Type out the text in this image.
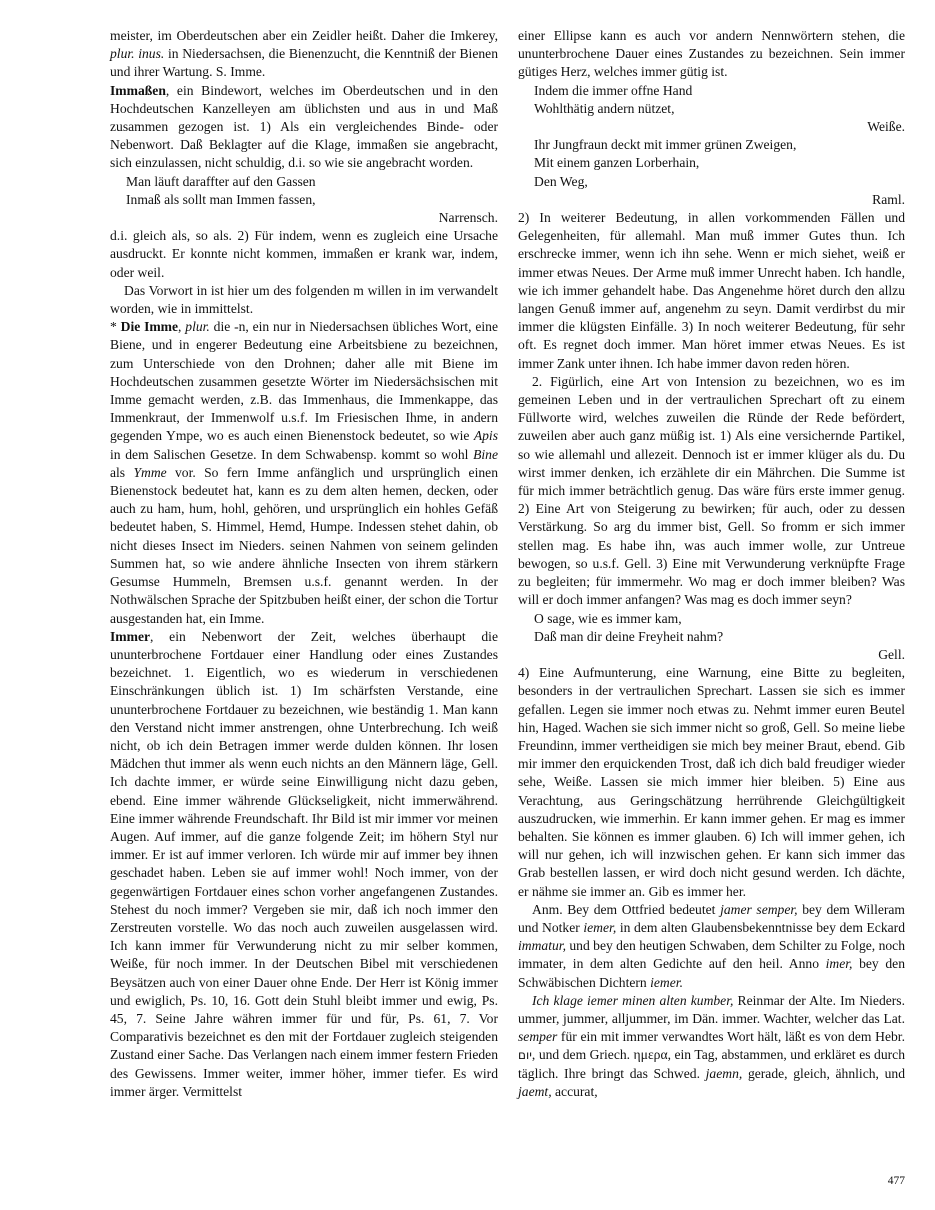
meister, im Oberdeutschen aber ein Zeidler heißt. Daher die Imkerey, plur. inus. in Niedersachsen, die Bienenzucht, die Kenntniß der Bienen und ihrer Wartung. S. Imme.
Immaßen, ein Bindewort, welches im Oberdeutschen und in den Hochdeutschen Kanzelleyen am üblichsten und aus in und Maß zusammen gezogen ist. 1) Als ein vergleichendes Binde- oder Nebenwort. Daß Beklagter auf die Klage, immaßen sie angebracht, sich einzulassen, nicht schuldig, d.i. so wie sie angebracht worden.
Man läuft daraffter auf den Gassen
Inmaß als sollt man Immen fassen,
Narrensch.
d.i. gleich als, so als. 2) Für indem, wenn es zugleich eine Ursache ausdruckt. Er konnte nicht kommen, immaßen er krank war, indem, oder weil.
Das Vorwort in ist hier um des folgenden m willen in im verwandelt worden, wie in immittelst.
* Die Imme, plur. die -n, ein nur in Niedersachsen übliches Wort, eine Biene, und in engerer Bedeutung eine Arbeitsbiene zu bezeichnen, zum Unterschiede von den Drohnen; daher alle mit Biene im Hochdeutschen zusammen gesetzte Wörter im Niedersächsischen mit Imme gemacht werden, z.B. das Immenhaus, die Immenkappe, das Immenkraut, der Immenwolf u.s.f. Im Friesischen Ihme, in andern gegenden Ympe, wo es auch einen Bienenstock bedeutet, so wie Apis in dem Salischen Gesetze. In dem Schwabensp. kommt so wohl Bine als Ymme vor. So fern Imme anfänglich und ursprünglich einen Bienenstock bedeutet hat, kann es zu dem alten hemen, decken, oder auch zu ham, hum, hohl, gehören, und ursprünglich ein hohles Gefäß bedeutet haben, S. Himmel, Hemd, Humpe. Indessen stehet dahin, ob nicht dieses Insect im Nieders. seinen Nahmen von seinem gelinden Summen hat, so wie andere ähnliche Insecten von ihrem stärkern Gesumse Hummeln, Bremsen u.s.f. genannt werden. In der Nothwälschen Sprache der Spitzbuben heißt einer, der schon die Tortur ausgestanden hat, ein Imme.
Immer, ein Nebenwort der Zeit, welches überhaupt die ununterbrochene Fortdauer einer Handlung oder eines Zustandes bezeichnet. 1. Eigentlich, wo es wiederum in verschiedenen Einschränkungen üblich ist. 1) Im schärfsten Verstande, eine ununterbrochene Fortdauer zu bezeichnen, wie beständig 1. Man kann den Verstand nicht immer anstrengen, ohne Unterbrechung. Ich weiß nicht, ob ich dein Betragen immer werde dulden können. Ihr losen Mädchen thut immer als wenn euch nichts an den Männern läge, Gell. Ich dachte immer, er würde seine Einwilligung nicht dazu geben, ebend. Eine immer währende Glückseligkeit, nicht immerwährend. Eine immer währende Freundschaft. Ihr Bild ist mir immer vor meinen Augen. Auf immer, auf die ganze folgende Zeit; im höhern Styl nur immer. Er ist auf immer verloren. Ich würde mir auf immer bey ihnen geschadet haben. Leben sie auf immer wohl! Noch immer, von der gegenwärtigen Fortdauer eines schon vorher angefangenen Zustandes. Stehest du noch immer? Vergeben sie mir, daß ich noch immer den Zerstreuten vorstelle. Wo das noch auch zuweilen ausgelassen wird. Ich kann immer für Verwunderung nicht zu mir selber kommen, Weiße, für noch immer. In der Deutschen Bibel mit verschiedenen Beysätzen auch von einer Dauer ohne Ende. Der Herr ist König immer und ewiglich, Ps. 10, 16. Gott dein Stuhl bleibt immer und ewig, Ps. 45, 7. Seine Jahre währen immer für und für, Ps. 61, 7. Vor Comparativis bezeichnet es den mit der Fortdauer zugleich steigenden Zustand einer Sache. Das Verlangen nach einem immer festern Frieden des Gewissens. Immer weiter, immer höher, immer tiefer. Es wird immer ärger. Vermittelst
einer Ellipse kann es auch vor andern Nennwörtern stehen, die ununterbrochene Dauer eines Zustandes zu bezeichnen. Sein immer gütiges Herz, welches immer gütig ist.
Indem die immer offne Hand
Wohlthätig andern nützet,
Weiße.
Ihr Jungfraun deckt mit immer grünen Zweigen,
Mit einem ganzen Lorberhain,
Den Weg,
Raml.
2) In weiterer Bedeutung, in allen vorkommenden Fällen und Gelegenheiten, für allemahl. Man muß immer Gutes thun. Ich erschrecke immer, wenn ich ihn sehe. Wenn er mich siehet, weiß er immer etwas Neues. Der Arme muß immer Unrecht haben. Ich handle, wie ich immer gehandelt habe. Das Angenehme höret durch den allzu langen Genuß immer auf, angenehm zu seyn. Damit verdirbst du mir immer die klügsten Einfälle. 3) In noch weiterer Bedeutung, für sehr oft. Es regnet doch immer. Man höret immer etwas Neues. Es ist immer Zank unter ihnen. Ich habe immer davon reden hören.
2. Figürlich, eine Art von Intension zu bezeichnen, wo es im gemeinen Leben und in der vertraulichen Sprechart oft zu einem Füllworte wird, welches zuweilen die Ründe der Rede befördert, zuweilen aber auch ganz müßig ist. 1) Als eine versichernde Partikel, so wie allemahl und allezeit. Dennoch ist er immer klüger als du. Du wirst immer denken, ich erzählete dir ein Mährchen. Die Summe ist für mich immer beträchtlich genug. Das wäre fürs erste immer genug. 2) Eine Art von Steigerung zu bewirken; für auch, oder zu dessen Verstärkung. So arg du immer bist, Gell. So fromm er sich immer stellen mag. Es habe ihn, was auch immer wolle, zur Untreue bewogen, so u.s.f. Gell. 3) Eine mit Verwunderung verknüpfte Frage zu begleiten; für immermehr. Wo mag er doch immer bleiben? Was will er doch immer anfangen? Was mag es doch immer seyn?
O sage, wie es immer kam,
Daß man dir deine Freyheit nahm?
Gell.
4) Eine Aufmunterung, eine Warnung, eine Bitte zu begleiten, besonders in der vertraulichen Sprechart. Lassen sie sich es immer gefallen. Legen sie immer noch etwas zu. Nehmt immer euren Beutel hin, Haged. Wachen sie sich immer nicht so groß, Gell. So meine liebe Freundinn, immer vertheidigen sie mich bey meiner Braut, ebend. Gib mir immer den erquickenden Trost, daß ich dich bald freudiger wieder sehe, Weiße. Lassen sie mich immer hier bleiben. 5) Eine aus Verachtung, aus Geringschätzung herrührende Gleichgültigkeit auszudrucken, wie immerhin. Er kann immer gehen. Er mag es immer behalten. Sie können es immer glauben. 6) Ich will immer gehen, ich will nur gehen, ich will inzwischen gehen. Er kann sich immer das Grab bestellen lassen, er wird doch nicht gesund werden. Ich dächte, er nähme sie immer an. Gib es immer her.
Anm. Bey dem Ottfried bedeutet jamer semper, bey dem Willeram und Notker iemer, in dem alten Glaubensbekenntnisse bey dem Eckard immatur, und bey den heutigen Schwaben, dem Schilter zu Folge, noch immater, in dem alten Gedichte auf den heil. Anno imer, bey den Schwäbischen Dichtern iemer.
Ich klage iemer minen alten kumber, Reinmar der Alte. Im Nieders. ummer, jummer, alljummer, im Dän. immer. Wachter, welcher das Lat. semper für ein mit immer verwandtes Wort hält, läßt es von dem Hebr. יום, und dem Griech. ημερα, ein Tag, abstammen, und erkläret es durch täglich. Ihre bringt das Schwed. jaemn, gerade, gleich, ähnlich, und jaemt, accurat,
477
